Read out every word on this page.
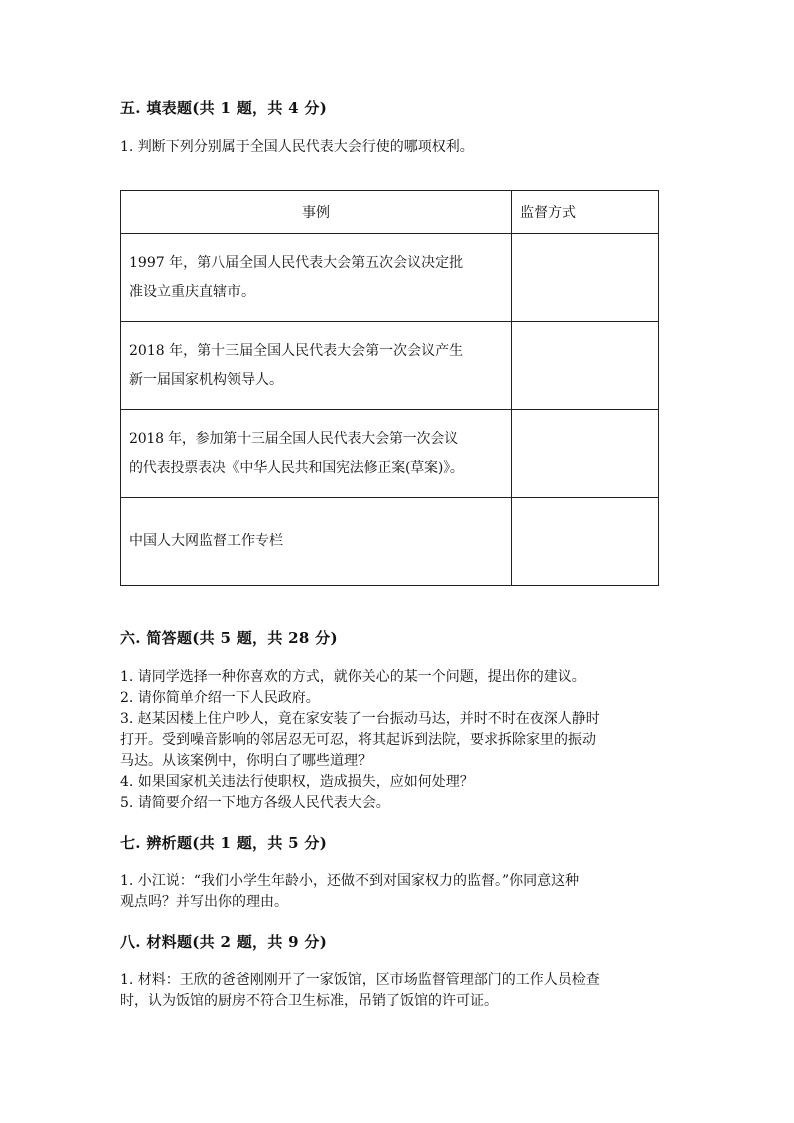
五. 填表题(共 1 题，共 4 分)
1. 判断下列分别属于全国人民代表大会行使的哪项权利。
事例	监督方式
1997 年，第八届全国人民代表大会第五次会议决定批
准设立重庆直辖市。	
2018 年，第十三届全国人民代表大会第一次会议产生
新一届国家机构领导人。	
2018 年，参加第十三届全国人民代表大会第一次会议
的代表投票表决《中华人民共和国宪法修正案(草案)》。	
中国人大网监督工作专栏	
六. 简答题(共 5 题，共 28 分)
1. 请同学选择一种你喜欢的方式，就你关心的某一个问题，提出你的建议。
2. 请你简单介绍一下人民政府。
3. 赵某因楼上住户吵人，竟在家安装了一台振动马达，并时不时在夜深人静时
打开。受到噪音影响的邻居忍无可忍，将其起诉到法院，要求拆除家里的振动
马达。从该案例中，你明白了哪些道理？
4. 如果国家机关违法行使职权，造成损失，应如何处理？
5. 请简要介绍一下地方各级人民代表大会。
七. 辨析题(共 1 题，共 5 分)
1. 小江说：“我们小学生年龄小，还做不到对国家权力的监督。”你同意这种
观点吗？并写出你的理由。
八. 材料题(共 2 题，共 9 分)
1. 材料：王欣的爸爸刚刚开了一家饭馆，区市场监督管理部门的工作人员检查
时，认为饭馆的厨房不符合卫生标准，吊销了饭馆的许可证。
